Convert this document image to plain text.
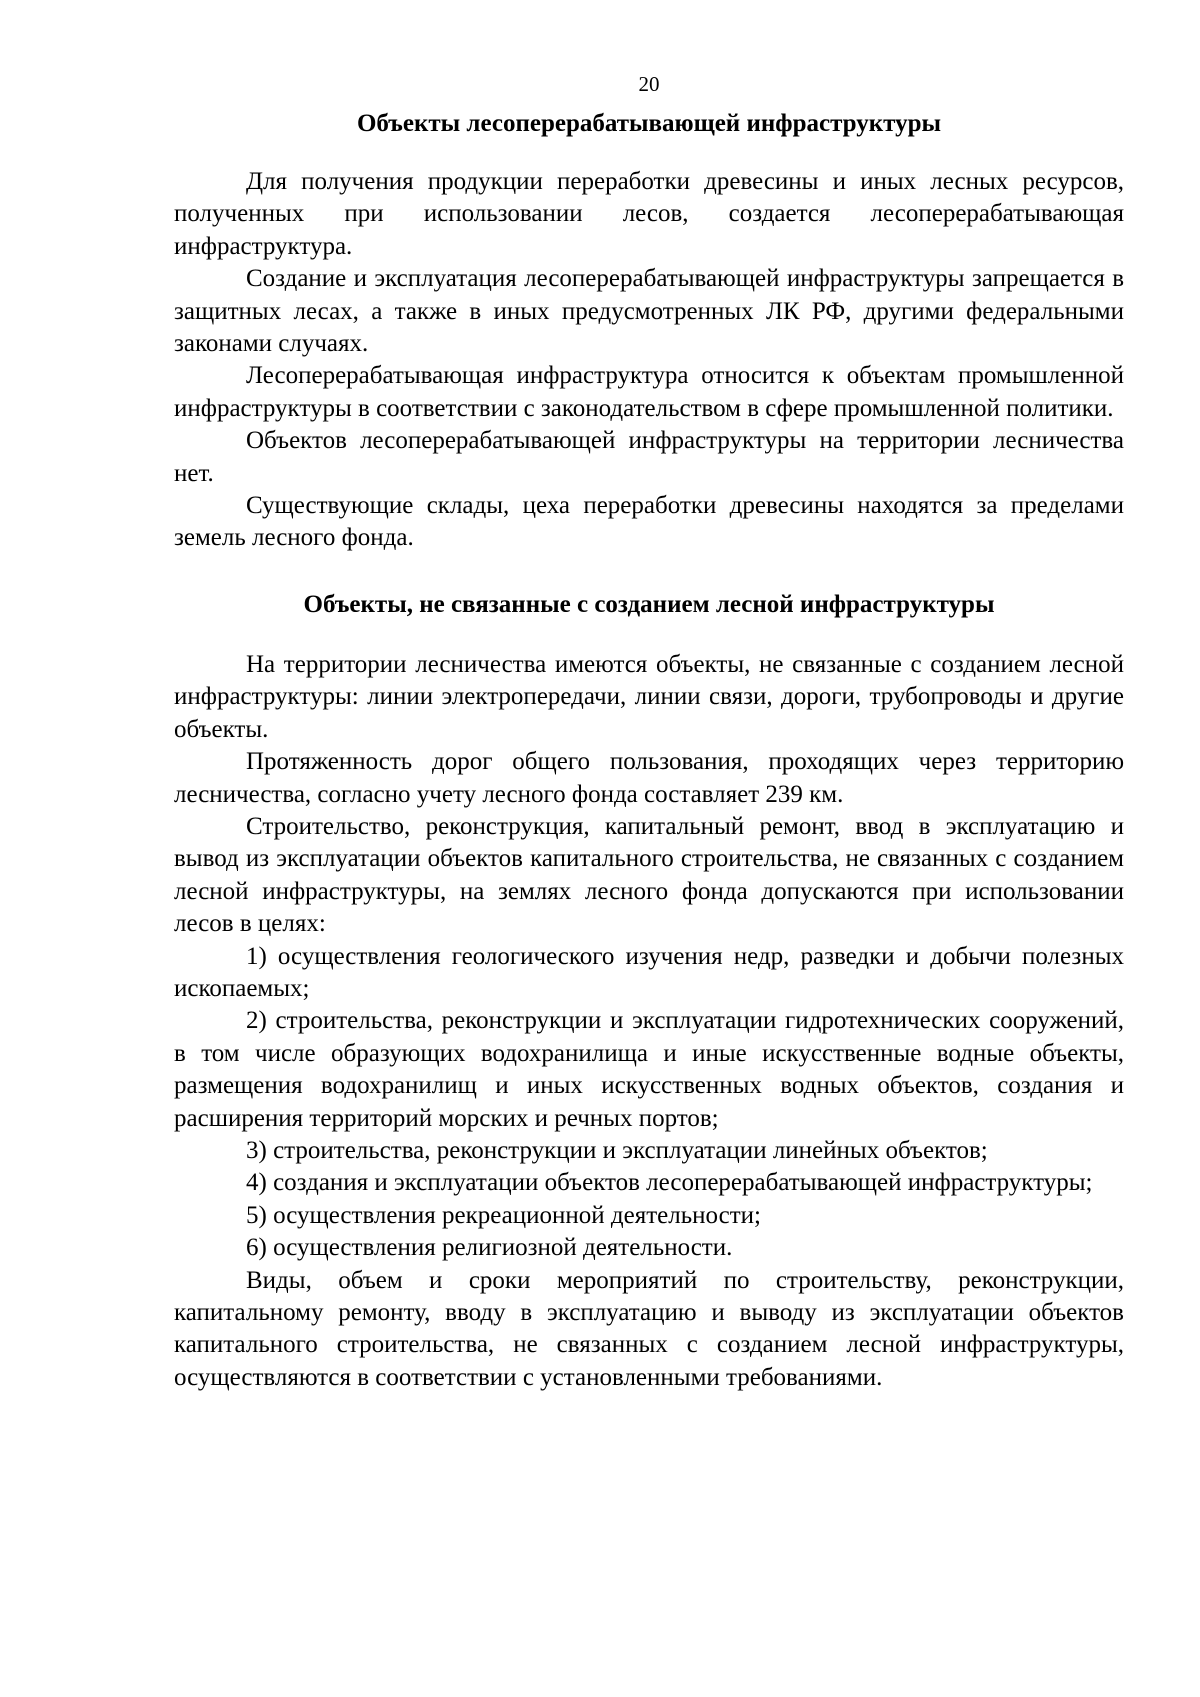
20
Объекты лесоперерабатывающей инфраструктуры

Для получения продукции переработки древесины и иных лесных ресурсов, полученных при использовании лесов, создается лесоперерабатывающая инфраструктура.

Создание и эксплуатация лесоперерабатывающей инфраструктуры запрещается в защитных лесах, а также в иных предусмотренных ЛК РФ, другими федеральными законами случаях.

Лесоперерабатывающая инфраструктура относится к объектам промышленной инфраструктуры в соответствии с законодательством в сфере промышленной политики.

Объектов лесоперерабатывающей инфраструктуры на территории лесничества нет.

Существующие склады, цеха переработки древесины находятся за пределами земель лесного фонда.

Объекты, не связанные с созданием лесной инфраструктуры

На территории лесничества имеются объекты, не связанные с созданием лесной инфраструктуры: линии электропередачи, линии связи, дороги, трубопроводы и другие объекты.

Протяженность дорог общего пользования, проходящих через территорию лесничества, согласно учету лесного фонда составляет 239 км.

Строительство, реконструкция, капитальный ремонт, ввод в эксплуатацию и вывод из эксплуатации объектов капитального строительства, не связанных с созданием лесной инфраструктуры, на землях лесного фонда допускаются при использовании лесов в целях:

1) осуществления геологического изучения недр, разведки и добычи полезных ископаемых;

2) строительства, реконструкции и эксплуатации гидротехнических сооружений, в том числе образующих водохранилища и иные искусственные водные объекты, размещения водохранилищ и иных искусственных водных объектов, создания и расширения территорий морских и речных портов;

3) строительства, реконструкции и эксплуатации линейных объектов;

4) создания и эксплуатации объектов лесоперерабатывающей инфраструктуры;

5) осуществления рекреационной деятельности;

6) осуществления религиозной деятельности.

Виды, объем и сроки мероприятий по строительству, реконструкции, капитальному ремонту, вводу в эксплуатацию и выводу из эксплуатации объектов капитального строительства, не связанных с созданием лесной инфраструктуры, осуществляются в соответствии с установленными требованиями.
